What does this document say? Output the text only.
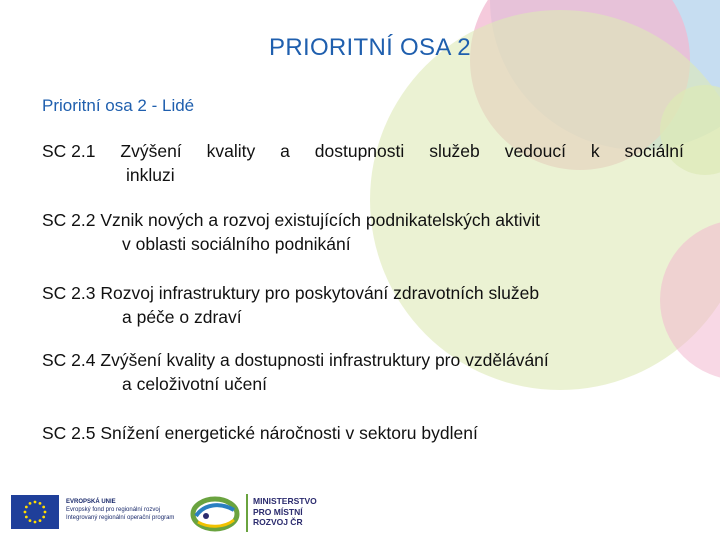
PRIORITNÍ OSA 2
Prioritní osa 2 - Lidé
SC 2.1 Zvýšení kvality a dostupnosti služeb vedoucí k sociální
inkluzi
SC 2.2 Vznik nových a rozvoj existujících podnikatelských aktivit
v oblasti sociálního podnikání
SC 2.3 Rozvoj infrastruktury pro poskytování zdravotních služeb
a péče o zdraví
SC 2.4 Zvýšení kvality a dostupnosti infrastruktury pro vzdělávání
a celoživotní učení
SC 2.5 Snížení energetické náročnosti v sektoru bydlení
EVROPSKÁ UNIE
Evropský fond pro regionální rozvoj
Integrovaný regionální operační program
MINISTERSTVO
PRO MÍSTNÍ
ROZVOJ ČR
